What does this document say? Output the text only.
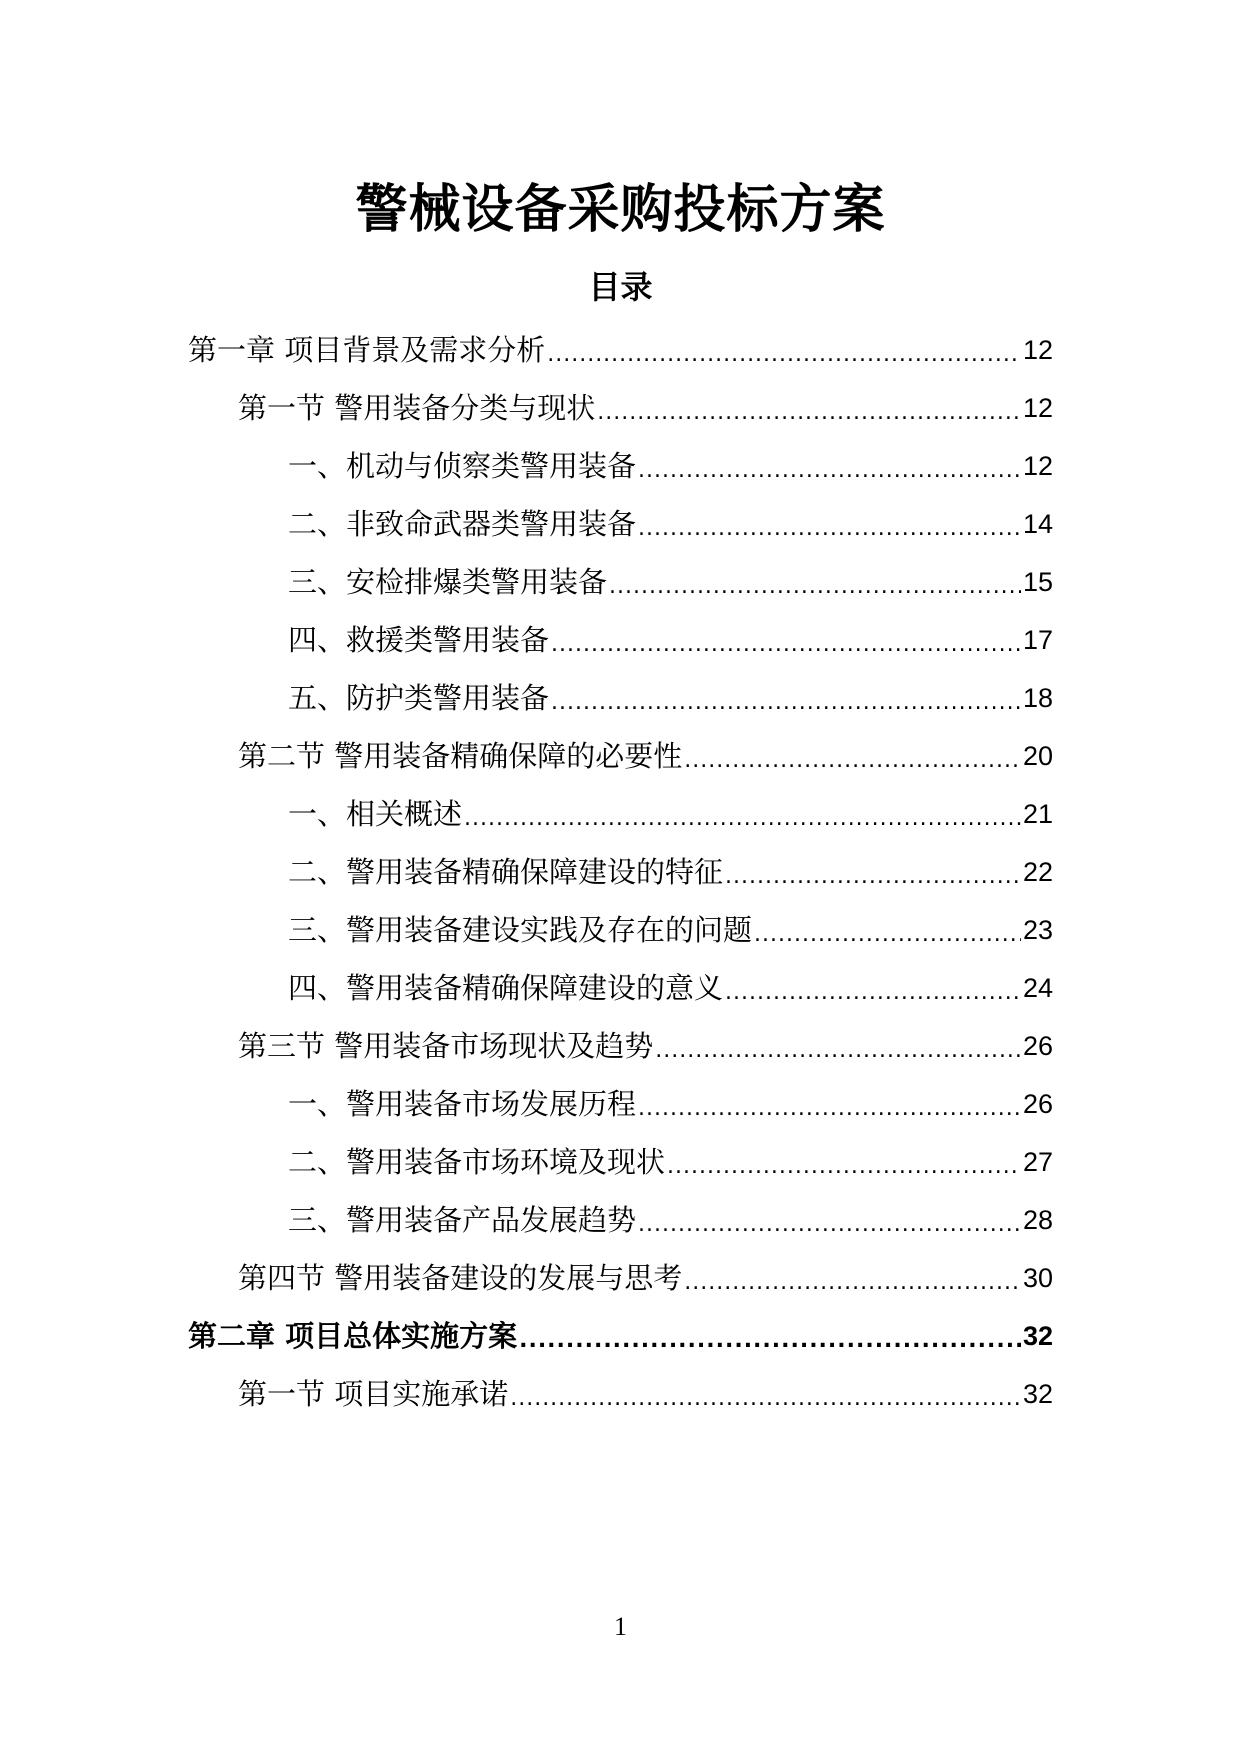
警械设备采购投标方案
目录
第一章 项目背景及需求分析 .....	12
第一节 警用装备分类与现状 .....	12
一、机动与侦察类警用装备 .....	12
二、非致命武器类警用装备 .....	14
三、安检排爆类警用装备 .....	15
四、救援类警用装备 .....	17
五、防护类警用装备 .....	18
第二节 警用装备精确保障的必要性 .....	20
一、相关概述 .....	21
二、警用装备精确保障建设的特征 .....	22
三、警用装备建设实践及存在的问题 .....	23
四、警用装备精确保障建设的意义 .....	24
第三节 警用装备市场现状及趋势 .....	26
一、警用装备市场发展历程 .....	26
二、警用装备市场环境及现状 .....	27
三、警用装备产品发展趋势 .....	28
第四节 警用装备建设的发展与思考 .....	30
第二章 项目总体实施方案 .....	32
第一节 项目实施承诺 .....	32
1
